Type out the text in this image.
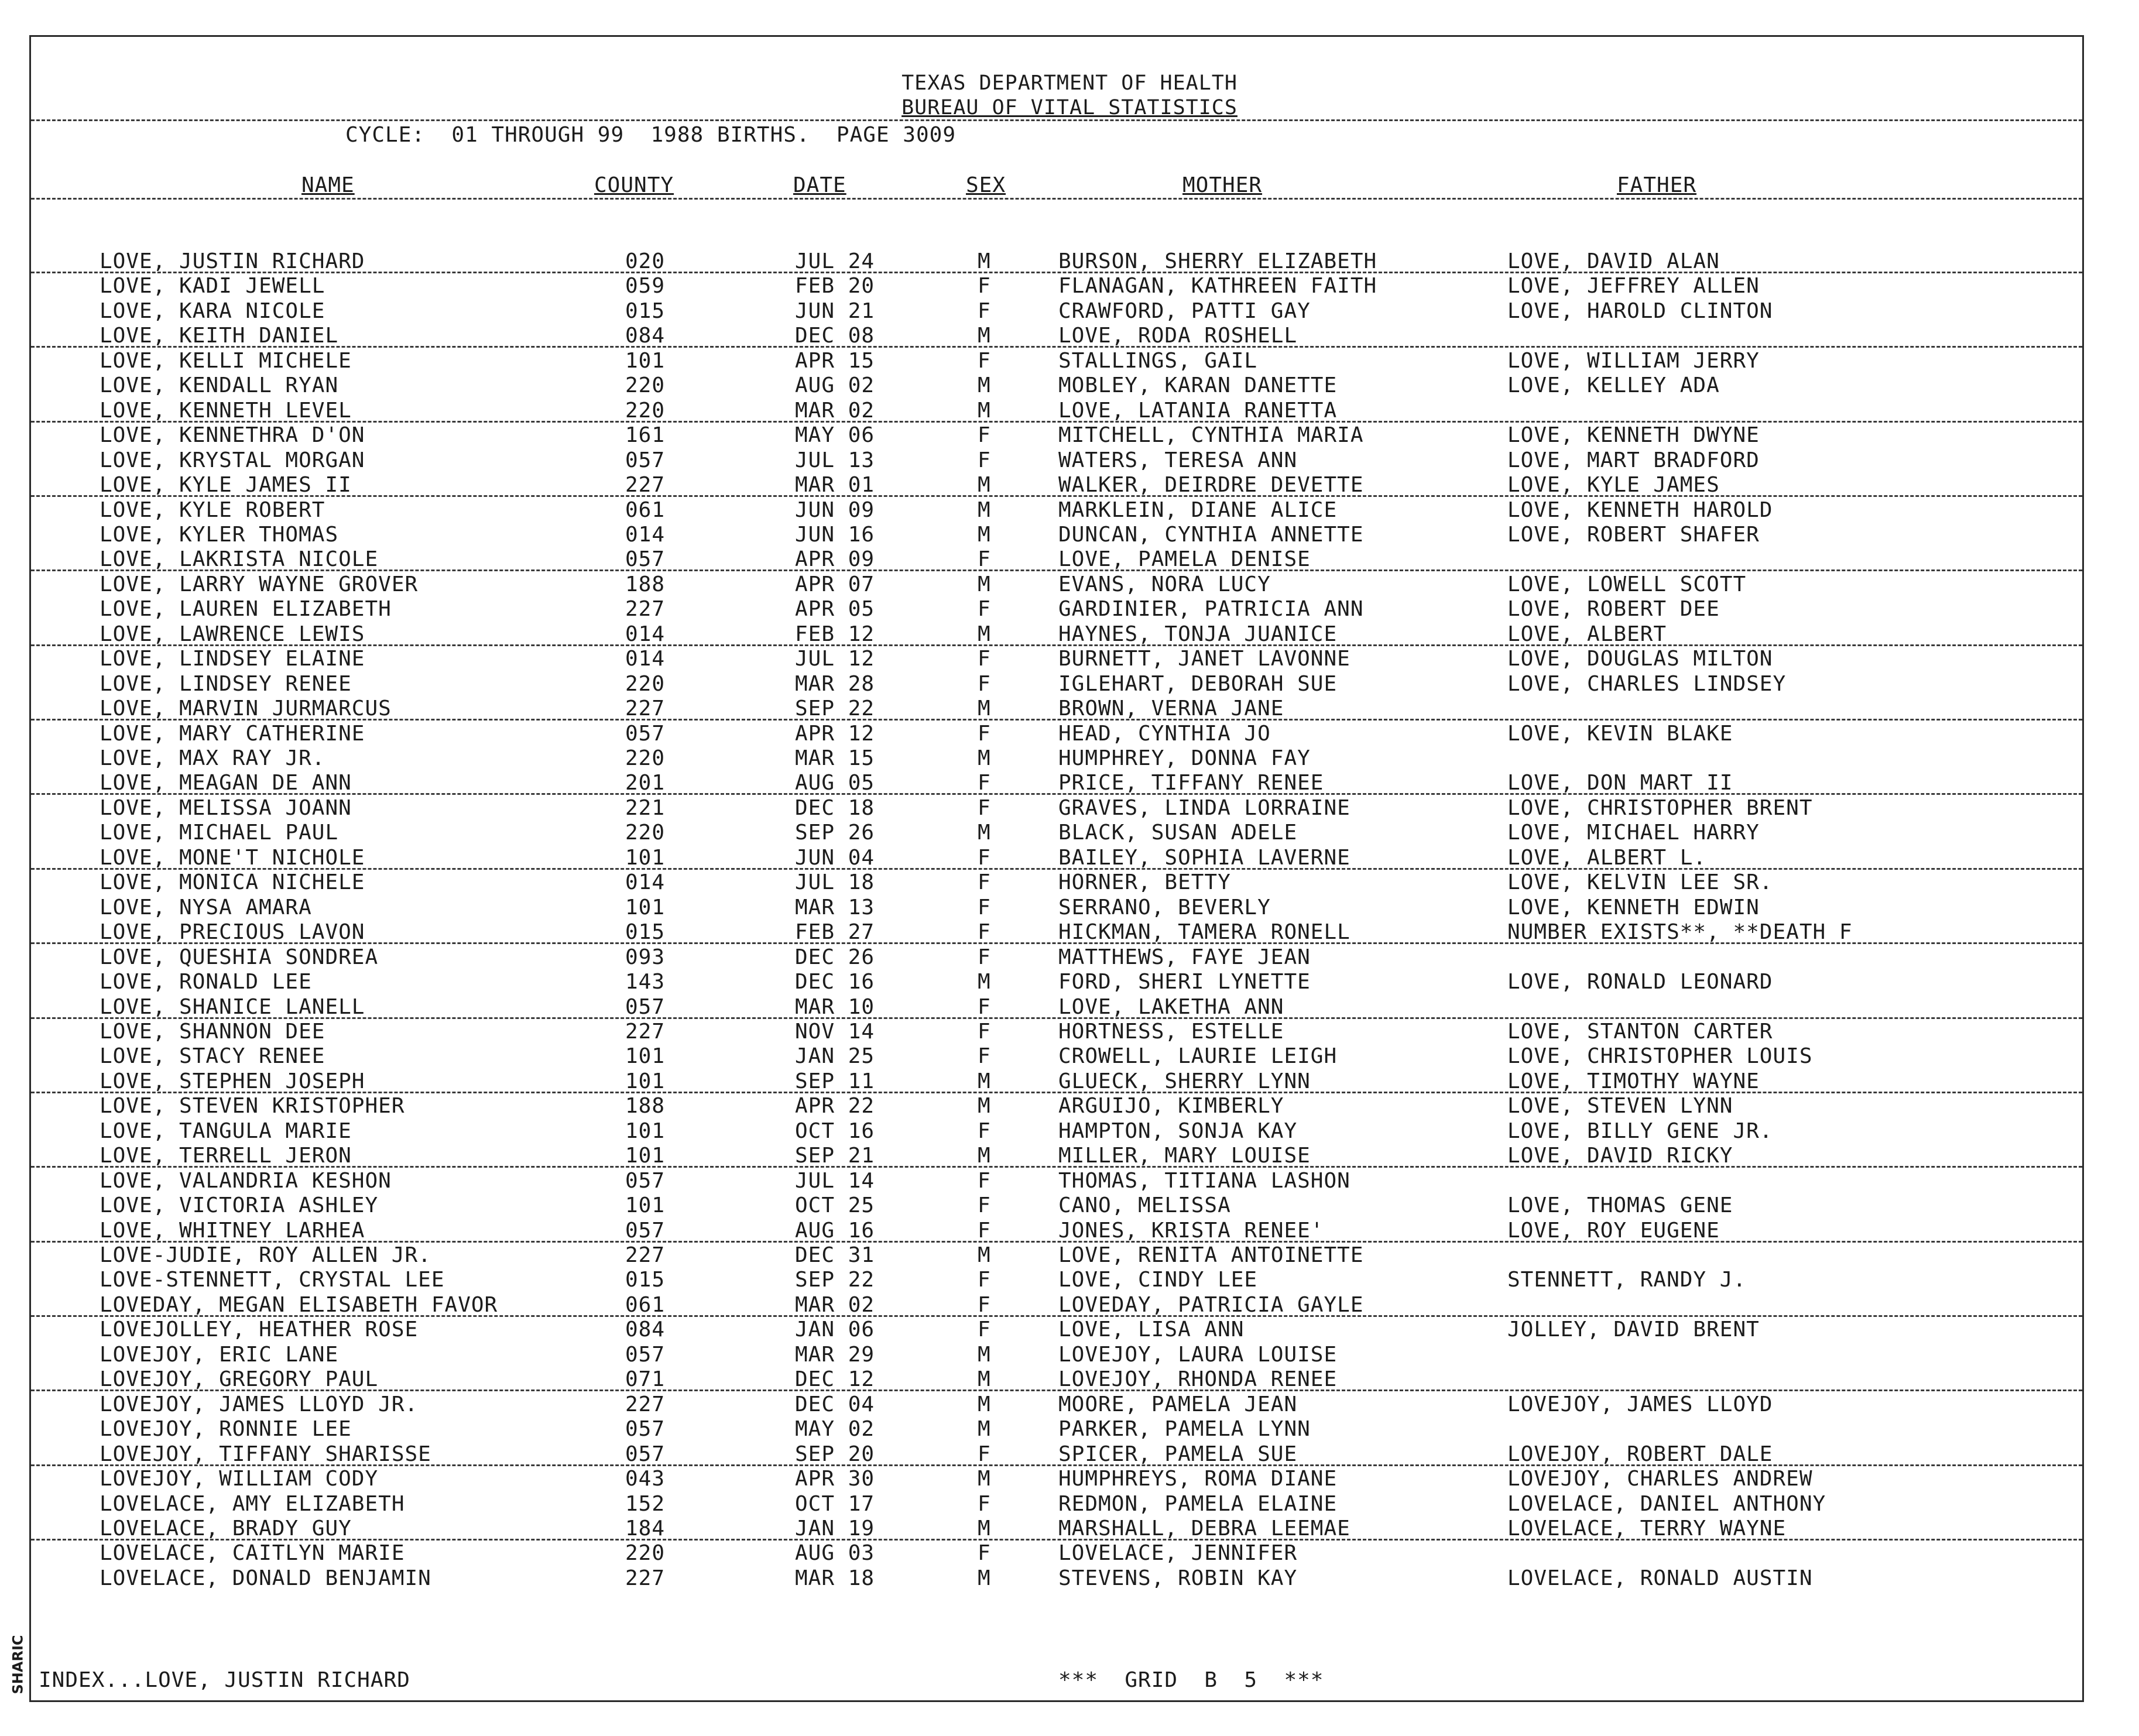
TEXAS DEPARTMENT OF HEALTH
BUREAU OF VITAL STATISTICS
CYCLE:  01 THROUGH 99  1988 BIRTHS.  PAGE 3009
NAME	COUNTY	DATE	SEX	MOTHER	FATHER
LOVE, JUSTIN RICHARD	020	JUL 24	M	BURSON, SHERRY ELIZABETH	LOVE, DAVID ALAN
LOVE, KADI JEWELL	059	FEB 20	F	FLANAGAN, KATHREEN FAITH	LOVE, JEFFREY ALLEN
LOVE, KARA NICOLE	015	JUN 21	F	CRAWFORD, PATTI GAY	LOVE, HAROLD CLINTON
LOVE, KEITH DANIEL	084	DEC 08	M	LOVE, RODA ROSHELL
LOVE, KELLI MICHELE	101	APR 15	F	STALLINGS, GAIL	LOVE, WILLIAM JERRY
LOVE, KENDALL RYAN	220	AUG 02	M	MOBLEY, KARAN DANETTE	LOVE, KELLEY ADA
LOVE, KENNETH LEVEL	220	MAR 02	M	LOVE, LATANIA RANETTA
LOVE, KENNETHRA D'ON	161	MAY 06	F	MITCHELL, CYNTHIA MARIA	LOVE, KENNETH DWYNE
LOVE, KRYSTAL MORGAN	057	JUL 13	F	WATERS, TERESA ANN	LOVE, MART BRADFORD
LOVE, KYLE JAMES II	227	MAR 01	M	WALKER, DEIRDRE DEVETTE	LOVE, KYLE JAMES
LOVE, KYLE ROBERT	061	JUN 09	M	MARKLEIN, DIANE ALICE	LOVE, KENNETH HAROLD
LOVE, KYLER THOMAS	014	JUN 16	M	DUNCAN, CYNTHIA ANNETTE	LOVE, ROBERT SHAFER
LOVE, LAKRISTA NICOLE	057	APR 09	F	LOVE, PAMELA DENISE
LOVE, LARRY WAYNE GROVER	188	APR 07	M	EVANS, NORA LUCY	LOVE, LOWELL SCOTT
LOVE, LAUREN ELIZABETH	227	APR 05	F	GARDINIER, PATRICIA ANN	LOVE, ROBERT DEE
LOVE, LAWRENCE LEWIS	014	FEB 12	M	HAYNES, TONJA JUANICE	LOVE, ALBERT
LOVE, LINDSEY ELAINE	014	JUL 12	F	BURNETT, JANET LAVONNE	LOVE, DOUGLAS MILTON
LOVE, LINDSEY RENEE	220	MAR 28	F	IGLEHART, DEBORAH SUE	LOVE, CHARLES LINDSEY
LOVE, MARVIN JURMARCUS	227	SEP 22	M	BROWN, VERNA JANE
LOVE, MARY CATHERINE	057	APR 12	F	HEAD, CYNTHIA JO	LOVE, KEVIN BLAKE
LOVE, MAX RAY JR.	220	MAR 15	M	HUMPHREY, DONNA FAY
LOVE, MEAGAN DE ANN	201	AUG 05	F	PRICE, TIFFANY RENEE	LOVE, DON MART II
LOVE, MELISSA JOANN	221	DEC 18	F	GRAVES, LINDA LORRAINE	LOVE, CHRISTOPHER BRENT
LOVE, MICHAEL PAUL	220	SEP 26	M	BLACK, SUSAN ADELE	LOVE, MICHAEL HARRY
LOVE, MONE'T NICHOLE	101	JUN 04	F	BAILEY, SOPHIA LAVERNE	LOVE, ALBERT L.
LOVE, MONICA NICHELE	014	JUL 18	F	HORNER, BETTY	LOVE, KELVIN LEE SR.
LOVE, NYSA AMARA	101	MAR 13	F	SERRANO, BEVERLY	LOVE, KENNETH EDWIN
LOVE, PRECIOUS LAVON	015	FEB 27	F	HICKMAN, TAMERA RONELL	NUMBER EXISTS**, **DEATH F
LOVE, QUESHIA SONDREA	093	DEC 26	F	MATTHEWS, FAYE JEAN
LOVE, RONALD LEE	143	DEC 16	M	FORD, SHERI LYNETTE	LOVE, RONALD LEONARD
LOVE, SHANICE LANELL	057	MAR 10	F	LOVE, LAKETHA ANN
LOVE, SHANNON DEE	227	NOV 14	F	HORTNESS, ESTELLE	LOVE, STANTON CARTER
LOVE, STACY RENEE	101	JAN 25	F	CROWELL, LAURIE LEIGH	LOVE, CHRISTOPHER LOUIS
LOVE, STEPHEN JOSEPH	101	SEP 11	M	GLUECK, SHERRY LYNN	LOVE, TIMOTHY WAYNE
LOVE, STEVEN KRISTOPHER	188	APR 22	M	ARGUIJO, KIMBERLY	LOVE, STEVEN LYNN
LOVE, TANGULA MARIE	101	OCT 16	F	HAMPTON, SONJA KAY	LOVE, BILLY GENE JR.
LOVE, TERRELL JERON	101	SEP 21	M	MILLER, MARY LOUISE	LOVE, DAVID RICKY
LOVE, VALANDRIA KESHON	057	JUL 14	F	THOMAS, TITIANA LASHON
LOVE, VICTORIA ASHLEY	101	OCT 25	F	CANO, MELISSA	LOVE, THOMAS GENE
LOVE, WHITNEY LARHEA	057	AUG 16	F	JONES, KRISTA RENEE'	LOVE, ROY EUGENE
LOVE-JUDIE, ROY ALLEN JR.	227	DEC 31	M	LOVE, RENITA ANTOINETTE
LOVE-STENNETT, CRYSTAL LEE	015	SEP 22	F	LOVE, CINDY LEE	STENNETT, RANDY J.
LOVEDAY, MEGAN ELISABETH FAVOR	061	MAR 02	F	LOVEDAY, PATRICIA GAYLE
LOVEJOLLEY, HEATHER ROSE	084	JAN 06	F	LOVE, LISA ANN	JOLLEY, DAVID BRENT
LOVEJOY, ERIC LANE	057	MAR 29	M	LOVEJOY, LAURA LOUISE
LOVEJOY, GREGORY PAUL	071	DEC 12	M	LOVEJOY, RHONDA RENEE
LOVEJOY, JAMES LLOYD JR.	227	DEC 04	M	MOORE, PAMELA JEAN	LOVEJOY, JAMES LLOYD
LOVEJOY, RONNIE LEE	057	MAY 02	M	PARKER, PAMELA LYNN
LOVEJOY, TIFFANY SHARISSE	057	SEP 20	F	SPICER, PAMELA SUE	LOVEJOY, ROBERT DALE
LOVEJOY, WILLIAM CODY	043	APR 30	M	HUMPHREYS, ROMA DIANE	LOVEJOY, CHARLES ANDREW
LOVELACE, AMY ELIZABETH	152	OCT 17	F	REDMON, PAMELA ELAINE	LOVELACE, DANIEL ANTHONY
LOVELACE, BRADY GUY	184	JAN 19	M	MARSHALL, DEBRA LEEMAE	LOVELACE, TERRY WAYNE
LOVELACE, CAITLYN MARIE	220	AUG 03	F	LOVELACE, JENNIFER
LOVELACE, DONALD BENJAMIN	227	MAR 18	M	STEVENS, ROBIN KAY	LOVELACE, RONALD AUSTIN
INDEX...LOVE, JUSTIN RICHARD	***  GRID  B  5  ***
SHARIC
